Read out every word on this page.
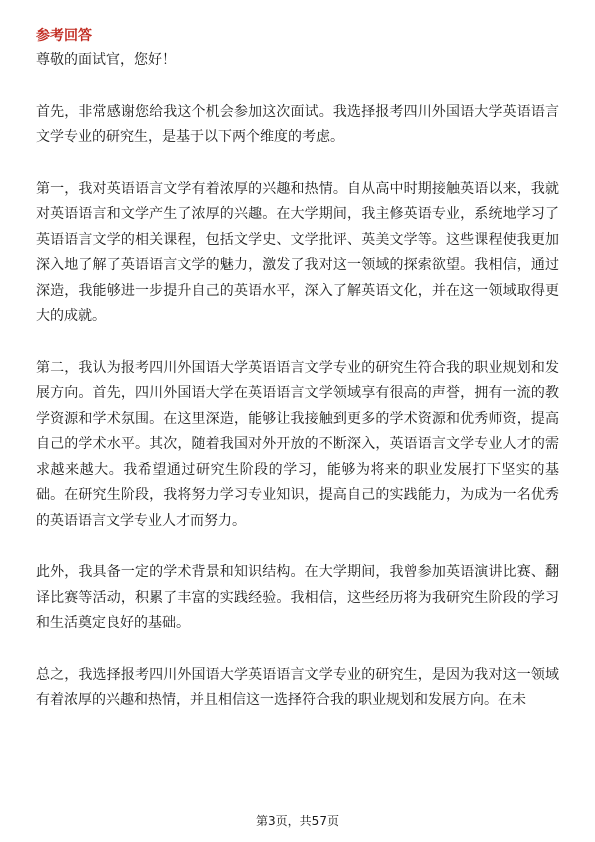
参考回答

尊敬的面试官，您好！

首先，非常感谢您给我这个机会参加这次面试。我选择报考四川外国语大学英语语言文学专业的研究生，是基于以下两个维度的考虑。

第一，我对英语语言文学有着浓厚的兴趣和热情。自从高中时期接触英语以来，我就对英语语言和文学产生了浓厚的兴趣。在大学期间，我主修英语专业，系统地学习了英语语言文学的相关课程，包括文学史、文学批评、英美文学等。这些课程使我更加深入地了解了英语语言文学的魅力，激发了我对这一领域的探索欲望。我相信，通过深造，我能够进一步提升自己的英语水平，深入了解英语文化，并在这一领域取得更大的成就。

第二，我认为报考四川外国语大学英语语言文学专业的研究生符合我的职业规划和发展方向。首先，四川外国语大学在英语语言文学领域享有很高的声誉，拥有一流的教学资源和学术氛围。在这里深造，能够让我接触到更多的学术资源和优秀师资，提高自己的学术水平。其次，随着我国对外开放的不断深入，英语语言文学专业人才的需求越来越大。我希望通过研究生阶段的学习，能够为将来的职业发展打下坚实的基础。在研究生阶段，我将努力学习专业知识，提高自己的实践能力，为成为一名优秀的英语语言文学专业人才而努力。

此外，我具备一定的学术背景和知识结构。在大学期间，我曾参加英语演讲比赛、翻译比赛等活动，积累了丰富的实践经验。我相信，这些经历将为我研究生阶段的学习和生活奠定良好的基础。

总之，我选择报考四川外国语大学英语语言文学专业的研究生，是因为我对这一领域有着浓厚的兴趣和热情，并且相信这一选择符合我的职业规划和发展方向。在未

第3页，共57页
